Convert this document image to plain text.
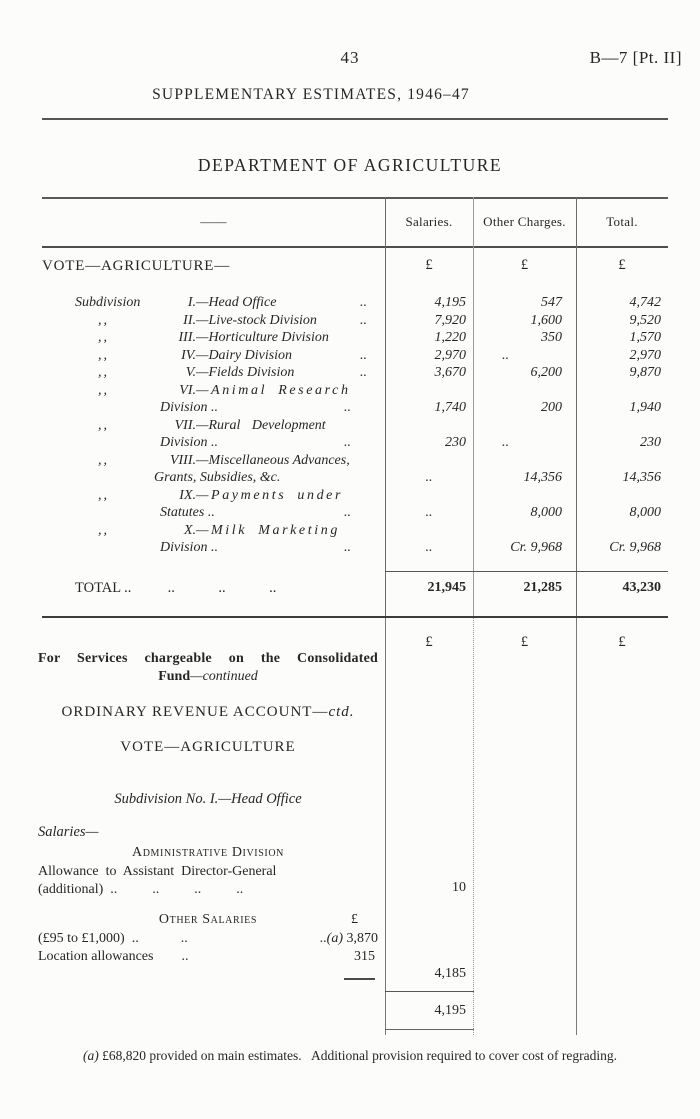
43	B—7 [Pt. II]
SUPPLEMENTARY ESTIMATES, 1946–47
DEPARTMENT OF AGRICULTURE
——	Salaries.	Other Charges.	Total.
VOTE—AGRICULTURE—	£	£	£
Subdivision	I. —Head Office	..	4,195	547	4,742
,,	II. —Live-stock Division	..	7,920	1,600	9,520
,,	III. —Horticulture Division	1,220	350	1,570
,,	IV. —Dairy Division	..	2,970	..	2,970
,,	V. —Fields Division	..	3,670	6,200	9,870
,,	VI. —Animal Research
Division ..	..	1,740	200	1,940
,,	VII. —Rural Development
Division ..	..	230	..	230
,,	VIII. —Miscellaneous Advances,
Grants, Subsidies, &c.	..	14,356	14,356
,,	IX. —Payments under
Statutes ..	..	..	8,000	8,000
,,	X. —Milk Marketing
Division ..	..	..	Cr. 9,968	Cr. 9,968
TOTAL ..          ..            ..            ..	21,945	21,285	43,230
£	£	£
For Services chargeable on the Consolidated
Fund—continued
ORDINARY REVENUE ACCOUNT—ctd.
VOTE—AGRICULTURE
Subdivision No. I.—Head Office
Salaries—
Administrative Division
Allowance  to  Assistant  Director-General
(additional)  ..          ..          ..          ..	10
Other Salaries	£
(£95 to £1,000)  ..            ..	..(a) 3,870
Location allowances        ..	315
4,185
4,195
(a) £68,820 provided on main estimates.   Additional provision required to cover cost of regrading.
